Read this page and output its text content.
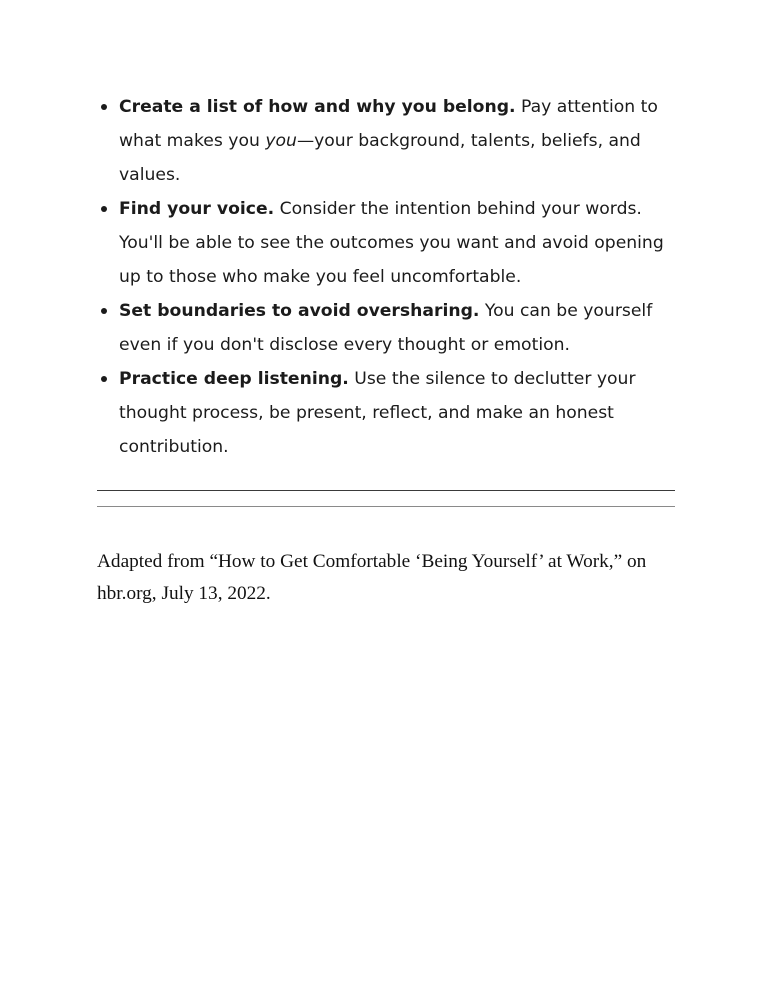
Create a list of how and why you belong. Pay attention to what makes you you—your background, talents, beliefs, and values.
Find your voice. Consider the intention behind your words. You'll be able to see the outcomes you want and avoid opening up to those who make you feel uncomfortable.
Set boundaries to avoid oversharing. You can be yourself even if you don't disclose every thought or emotion.
Practice deep listening. Use the silence to declutter your thought process, be present, reflect, and make an honest contribution.

Adapted from “How to Get Comfortable ‘Being Yourself’ at Work,” on hbr.org, July 13, 2022.
